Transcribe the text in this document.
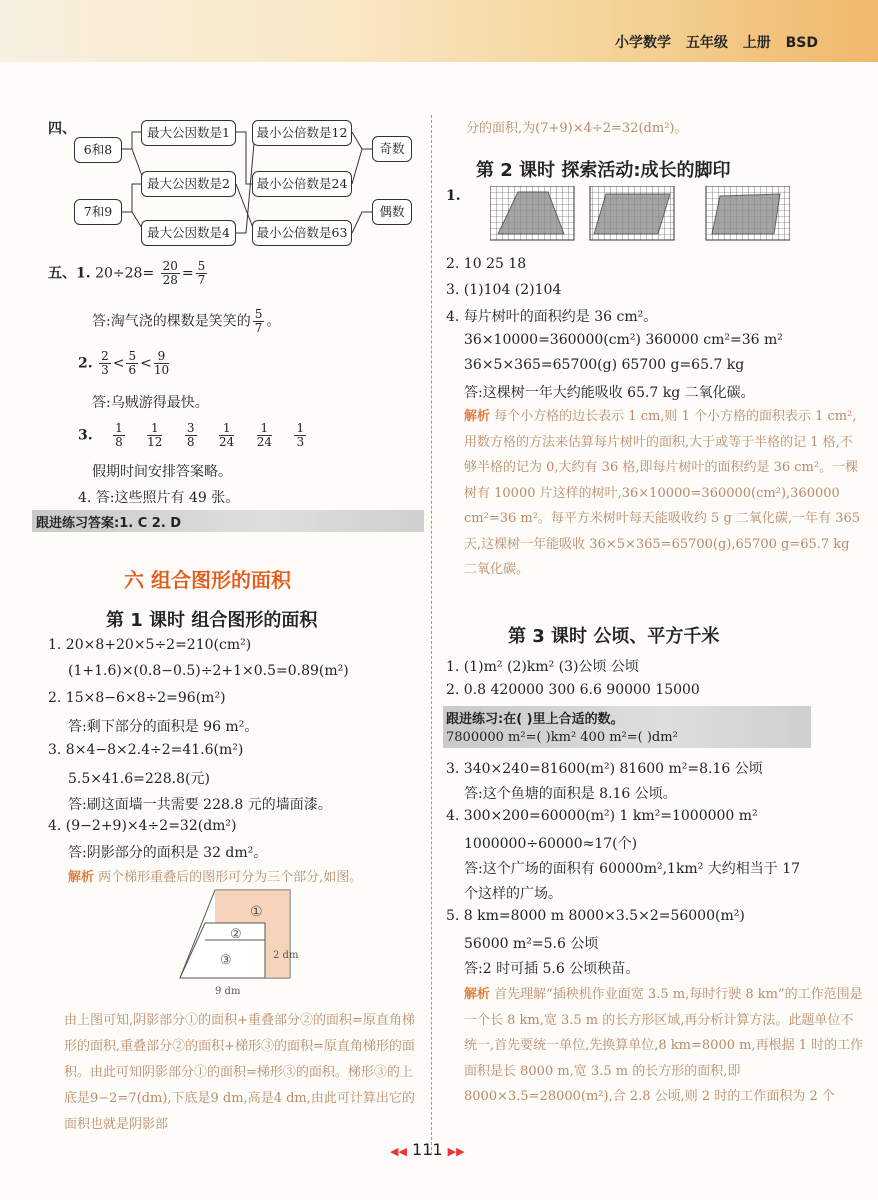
小学数学 五年级 上册 BSD
四、
6和8
7和9
最大公因数是1
最大公因数是2
最大公因数是4
最小公倍数是12
最小公倍数是24
最小公倍数是63
奇数
偶数
五、1. $20\div 28= \frac{20}{28} = \frac{5}{7}$
答:淘气浇的棵数是笑笑的 $\frac{5}{7}$ 。
2. $\frac{2}{3} < \frac{5}{6} < \frac{9}{10}$
答:乌贼游得最快。
3. $\frac{1}{8}$
$\frac{1}{12}$
$\frac{3}{8}$
$\frac{1}{24}$
$\frac{1}{24}$
$\frac{1}{3}$
假期时间安排答案略。
4. 答:这些照片有 49 张。
跟进练习答案:1. C 2. D
六 组合图形的面积
第 1 课时 组合图形的面积
1. 20×8+20×5÷2=210(cm²)
(1+1.6)×(0.8−0.5)÷2+1×0.5=0.89(m²)
2. 15×8−6×8÷2=96(m²)
答:剩下部分的面积是 96 m²。
3. 8×4−8×2.4÷2=41.6(m²)
5.5×41.6=228.8(元)
答:刷这面墙一共需要 228.8 元的墙面漆。
4. (9−2+9)×4÷2=32(dm²)
答:阴影部分的面积是 32 dm²。
解析 两个梯形重叠后的图形可分为三个部分,如图。
①
②
③	2 dm
9 dm
由上图可知,阴影部分①的面积+重叠部分②的面积=原直角梯形的面积,重叠部分②的面积+梯形③的面积=原直角梯形的面积。由此可知阴影部分①的面积=梯形③的面积。梯形③的上底是9−2=7(dm),下底是9 dm,高是4 dm,由此可计算出它的面积也就是阴影部
分的面积,为(7+9)×4÷2=32(dm²)。
第 2 课时 探索活动:成长的脚印
1.
2. 10 25 18
3. (1)104 (2)104
4. 每片树叶的面积约是 36 cm²。
36×10000=360000(cm²) 360000 cm²=36 m²
36×5×365=65700(g) 65700 g=65.7 kg
答:这棵树一年大约能吸收 65.7 kg 二氧化碳。
解析 每个小方格的边长表示 1 cm,则 1 个小方格的面积表示 1 cm²,用数方格的方法来估算每片树叶的面积,大于或等于半格的记 1 格,不够半格的记为 0,大约有 36 格,即每片树叶的面积约是 36 cm²。一棵树有 10000 片这样的树叶,36×10000=360000(cm²),360000 cm²=36 m²。每平方米树叶每天能吸收约 5 g 二氧化碳,一年有 365 天,这棵树一年能吸收 36×5×365=65700(g),65700 g=65.7 kg 二氧化碳。
第 3 课时 公顷、平方千米
1. (1)m² (2)km² (3)公顷 公顷
2. 0.8 420000 300 6.6 90000 15000
跟进练习:在( )里上合适的数。
7800000 m²=( )km² 400 m²=( )dm²
3. 340×240=81600(m²) 81600 m²=8.16 公顷
答:这个鱼塘的面积是 8.16 公顷。
4. 300×200=60000(m²) 1 km²=1000000 m²
1000000÷60000≈17(个)
答:这个广场的面积有 60000m²,1km² 大约相当于 17
个这样的广场。
5. 8 km=8000 m 8000×3.5×2=56000(m²)
56000 m²=5.6 公顷
答:2 时可插 5.6 公顷秧苗。
解析 首先理解“插秧机作业面宽 3.5 m,每时行驶 8 km”的工作范围是一个长 8 km,宽 3.5 m 的长方形区域,再分析计算方法。此题单位不统一,首先要统一单位,先换算单位,8 km=8000 m,再根据 1 时的工作面积是长 8000 m,宽 3.5 m 的长方形的面积,即 8000×3.5=28000(m²),合 2.8 公顷,则 2 时的工作面积为 2 个
◀◀ 111 ▶▶
